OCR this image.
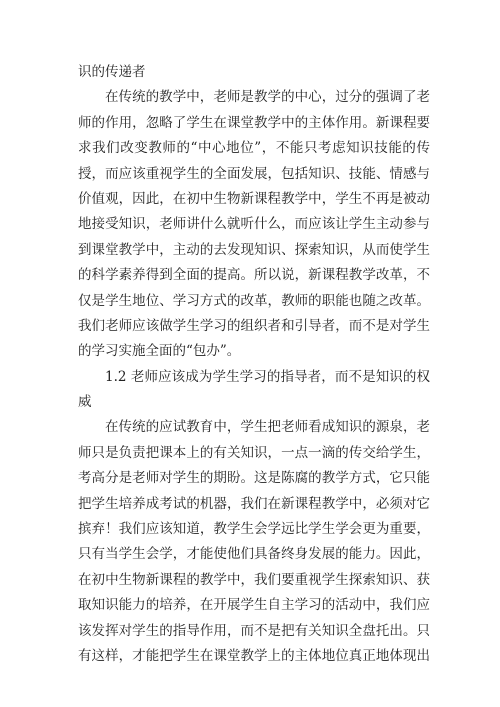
识的传递者
在传统的教学中，老师是教学的中心，过分的强调了老
师的作用，忽略了学生在课堂教学中的主体作用。新课程要
求我们改变教师的“中心地位”，不能只考虑知识技能的传
授，而应该重视学生的全面发展，包括知识、技能、情感与
价值观，因此，在初中生物新课程教学中，学生不再是被动
地接受知识，老师讲什么就听什么，而应该让学生主动参与
到课堂教学中，主动的去发现知识、探索知识，从而使学生
的科学素养得到全面的提高。所以说，新课程教学改革，不
仅是学生地位、学习方式的改革，教师的职能也随之改革。
我们老师应该做学生学习的组织者和引导者，而不是对学生
的学习实施全面的“包办”。
1.2 老师应该成为学生学习的指导者，而不是知识的权
威
在传统的应试教育中，学生把老师看成知识的源泉，老
师只是负责把课本上的有关知识，一点一滴的传交给学生，
考高分是老师对学生的期盼。这是陈腐的教学方式，它只能
把学生培养成考试的机器，我们在新课程教学中，必须对它
摈弃！我们应该知道，教学生会学远比学生学会更为重要，
只有当学生会学，才能使他们具备终身发展的能力。因此，
在初中生物新课程的教学中，我们要重视学生探索知识、获
取知识能力的培养，在开展学生自主学习的活动中，我们应
该发挥对学生的指导作用，而不是把有关知识全盘托出。只
有这样，才能把学生在课堂教学上的主体地位真正地体现出
